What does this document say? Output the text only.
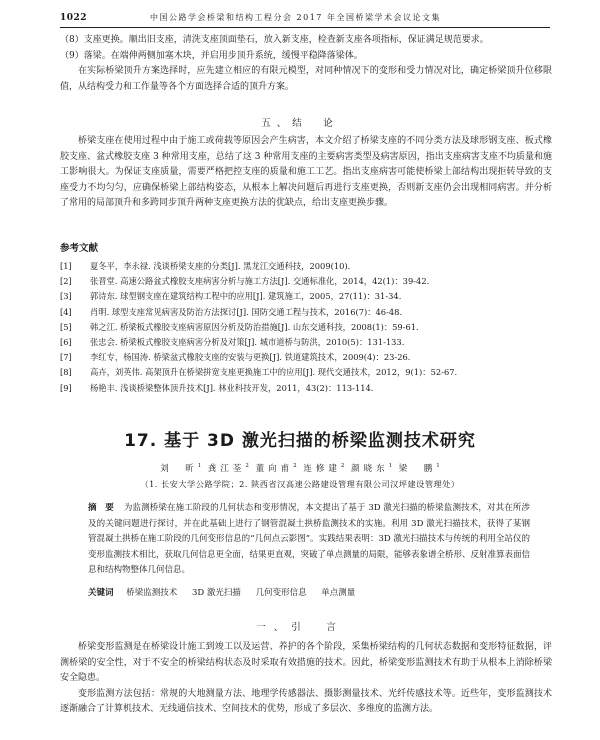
1022	中国公路学会桥梁和结构工程分会 2017 年全国桥梁学术会议论文集

（8）支座更换。顺出旧支座，清洗支座顶面垫石，放入新支座，检查新支座各项指标，保证满足规范要求。

（9）落梁。在端伸两侧加塞木块，并启用步顶升系统，缓慢平稳降落梁体。

在实际桥梁顶升方案选择时，应先建立相应的有限元模型，对同种情况下的变形和受力情况对比，确定桥梁顶升位移限值，从结构受力和工作量等各个方面选择合适的顶升方案。

五、结　论

桥梁支座在使用过程中由于施工或荷载等原因会产生病害，本文介绍了桥梁支座的不同分类方法及球形钢支座、板式橡胶支座、盆式橡胶支座 3 种常用支座，总结了这 3 种常用支座的主要病害类型及病害原因，指出支座病害支座不均质量和施工影响很大。为保证支座质量，需要严格把控支座的质量和施工工艺。指出支座病害可能使桥梁上部结构出现拒转导致的支座受力不均匀匀，应确保桥梁上部结构姿态，从根本上解决问题后再进行支座更换，否则新支座仍会出现相同病害。并分析了常用的局部顶升和多跨同步顶升两种支座更换方法的优缺点，给出支座更换步骤。

参考文献
[1]	夏冬平，李永禄. 浅谈桥梁支座的分类[J]. 黑龙江交通科技，2009(10).
[2]	张晋堂. 高速公路盆式橡胶支座病害分析与施工方法[J]. 交通标准化，2014，42(1)：39-42.
[3]	郭诗东. 球型钢支座在建筑结构工程中的应用[J]. 建筑施工，2005，27(11)：31-34.
[4]	肖明. 球型支座常见病害及防治方法探讨[J]. 国防交通工程与技术，2016(7)：46-48.
[5]	韩之江. 桥梁板式橡胶支座病害原因分析及防治措施[J]. 山东交通科技，2008(1)：59-61.
[6]	张忠会. 桥梁板式橡胶支座病害分析及对策[J]. 城市道桥与防洪，2010(5)：131-133.
[7]	李红专，杨国涛. 桥梁盆式橡胶支座的安装与更换[J]. 铁道建筑技术，2009(4)：23-26.
[8]	高卉，刘英伟. 高架顶升在桥梁拼宽支座更换施工中的应用[J]. 现代交通技术，2012，9(1)：52-67.
[9]	杨艳丰. 浅谈桥梁整体顶升技术[J]. 林业科技开发，2011，43(2)：113-114.
17. 基于 3D 激光扫描的桥梁监测技术研究
刘　昕$^1$ 龚江荃$^2$ 董向甫$^2$ 连修建$^2$ 颜晓东$^1$ 梁　鹏$^1$
（1. 长安大学公路学院；2. 陕西省汉高速公路建设管理有限公司汉坪建设管理处）
摘　要 为监测桥梁在施工阶段的几何状态和变形情况，本文提出了基于 3D 激光扫描的桥梁监测技术，对其在所涉及的关键问题进行探讨，并在此基础上进行了钢管混凝土拱桥监测技术的实施。利用 3D 激光扫描技术，获得了某钢管混凝土拱桥在施工阶段的几何变形信息的“几何点云影图”。实践结果表明：3D 激光扫描技术与传统的利用全站仪的变形监测技术相比，获取几何信息更全面，结果更直观，突破了单点测量的局限，能够表象谱全桥形、反射准算表面信息和结构物整体几何信息。
关键词 桥梁监测技术 3D 激光扫描 几何变形信息 单点测量
一、引　言

桥梁变形监测是在桥梁设计施工到竣工以及运营、养护的各个阶段，采集桥梁结构的几何状态数据和变形特征数据，评测桥梁的安全性，对于不安全的桥梁结构状态及时采取有效措施的技术。因此，桥梁变形监测技术有助于从根本上消除桥梁安全隐患。

变形监测方法包括：常规的大地测量方法、地理学传感器法、摄影测量技术、光纤传感技术等。近些年，变形监测技术逐渐融合了计算机技术、无线通信技术、空间技术的优势，形成了多层次、多维度的监测方法。
